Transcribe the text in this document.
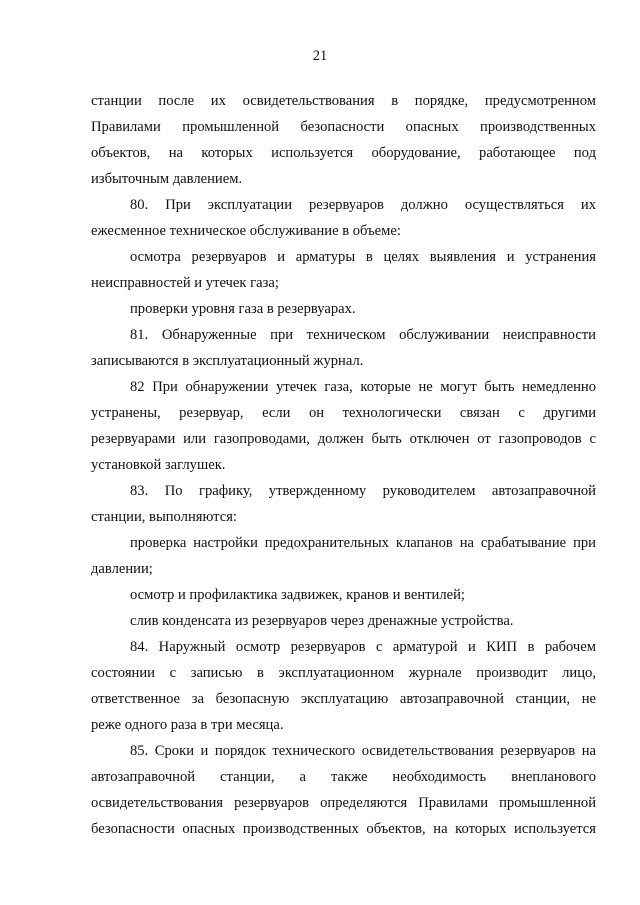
21
станции после их освидетельствования в порядке, предусмотренном
Правилами промышленной безопасности опасных производственных
объектов, на которых используется оборудование, работающее под
избыточным давлением.
80. При эксплуатации резервуаров должно осуществляться их
ежесменное техническое обслуживание в объеме:
осмотра резервуаров и арматуры в целях выявления и устранения
неисправностей и утечек газа;
проверки уровня газа в резервуарах.
81. Обнаруженные при техническом обслуживании неисправности
записываются в эксплуатационный журнал.
82 При обнаружении утечек газа, которые не могут быть немедленно
устранены, резервуар, если он технологически связан с другими
резервуарами или газопроводами, должен быть отключен от газопроводов с
установкой заглушек.
83. По графику, утвержденному руководителем автозаправочной
станции, выполняются:
проверка настройки предохранительных клапанов на срабатывание при
давлении;
осмотр и профилактика задвижек, кранов и вентилей;
слив конденсата из резервуаров через дренажные устройства.
84. Наружный осмотр резервуаров с арматурой и КИП в рабочем
состоянии с записью в эксплуатационном журнале производит лицо,
ответственное за безопасную эксплуатацию автозаправочной станции, не
реже одного раза в три месяца.
85. Сроки и порядок технического освидетельствования резервуаров на
автозаправочной станции, а также необходимость внепланового
освидетельствования резервуаров определяются Правилами промышленной
безопасности опасных производственных объектов, на которых используется
